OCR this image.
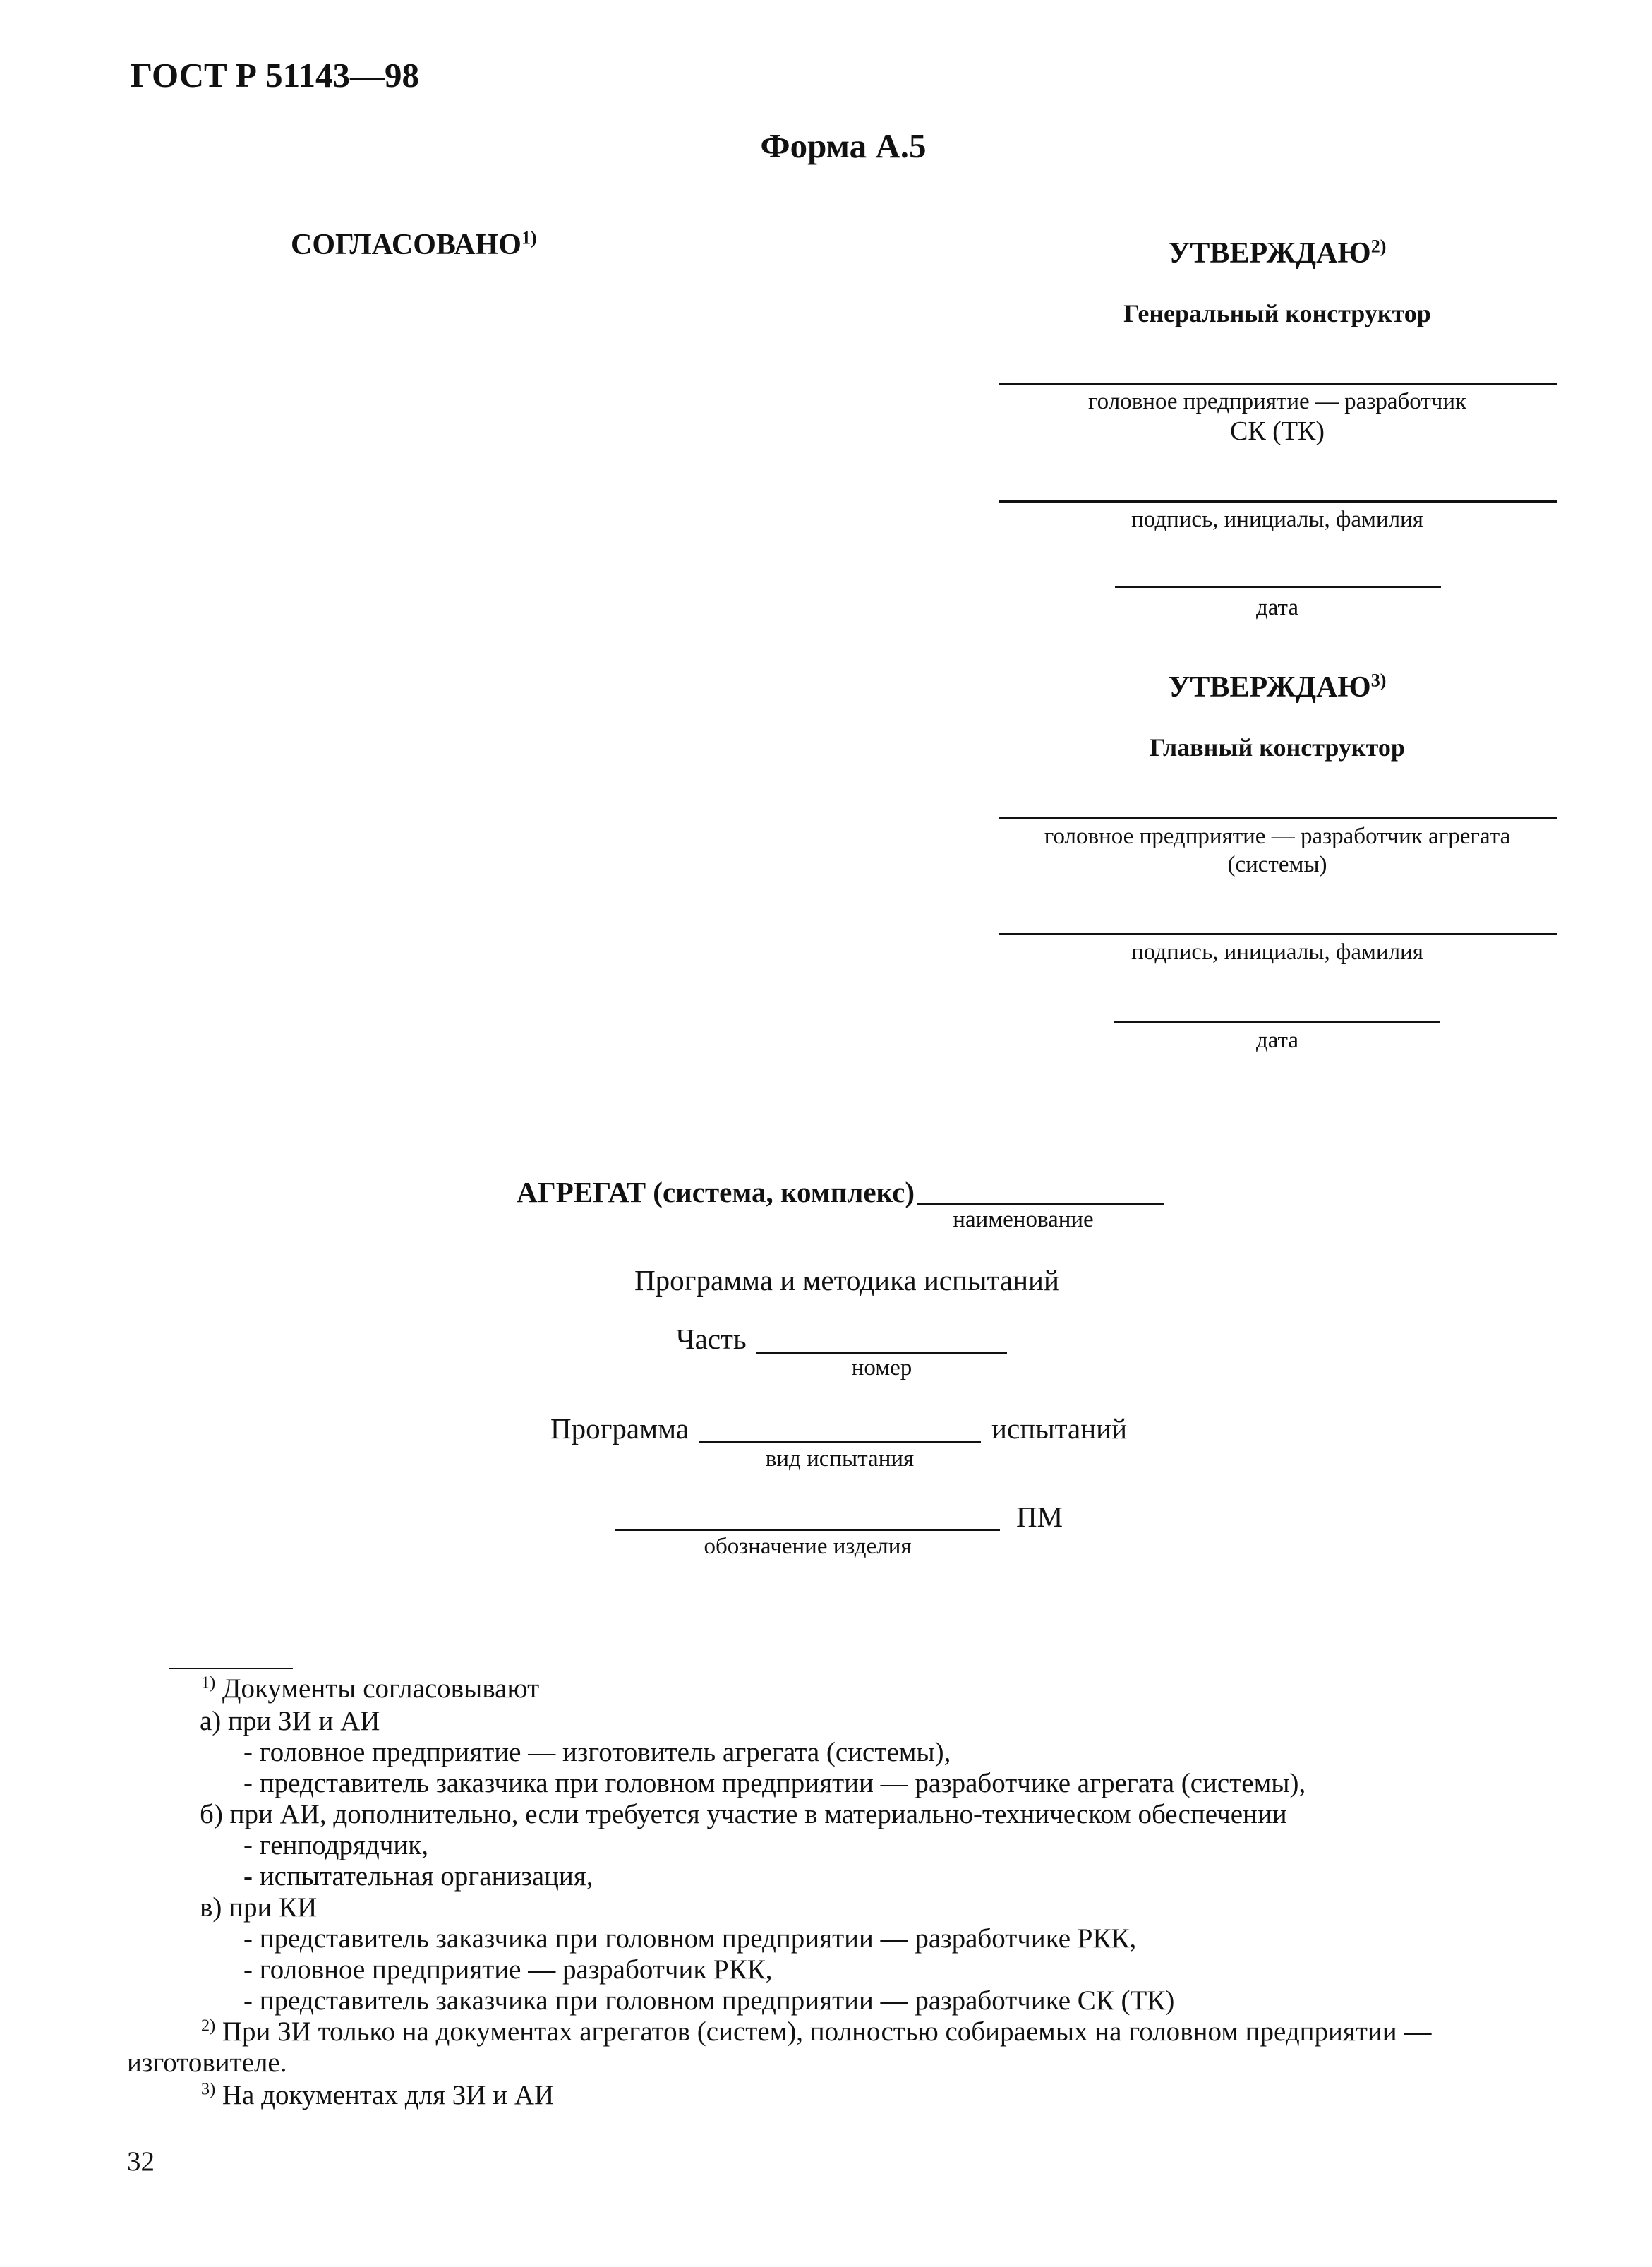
ГОСТ Р 51143—98
Форма А.5
СОГЛАСОВАНО$^{1)}$	УТВЕРЖДАЮ$^{2)}$
Генеральный конструктор
головное предприятие — разработчик
СК (ТК)
подпись, инициалы, фамилия
дата
УТВЕРЖДАЮ$^{3)}$
Главный конструктор
головное предприятие — разработчик агрегата
(системы)
подпись, инициалы, фамилия
дата
АГРЕГАТ (система, комплекс)
наименование
Программа и методика испытаний
Часть
номер
Программа	испытаний
вид испытания
ПМ
обозначение изделия
$^{1)}$ Документы согласовывают
а) при ЗИ и АИ
- головное предприятие — изготовитель агрегата (системы),
- представитель заказчика при головном предприятии — разработчике агрегата (системы),
б) при АИ, дополнительно, если требуется участие в материально-техническом обеспечении
- генподрядчик,
- испытательная организация,
в) при КИ
- представитель заказчика при головном предприятии — разработчике РКК,
- головное предприятие — разработчик РКК,
- представитель заказчика при головном предприятии — разработчике СК (ТК)
$^{2)}$ При ЗИ только на документах агрегатов (систем), полностью собираемых на головном предприятии —
изготовителе.
$^{3)}$ На документах для ЗИ и АИ
32
